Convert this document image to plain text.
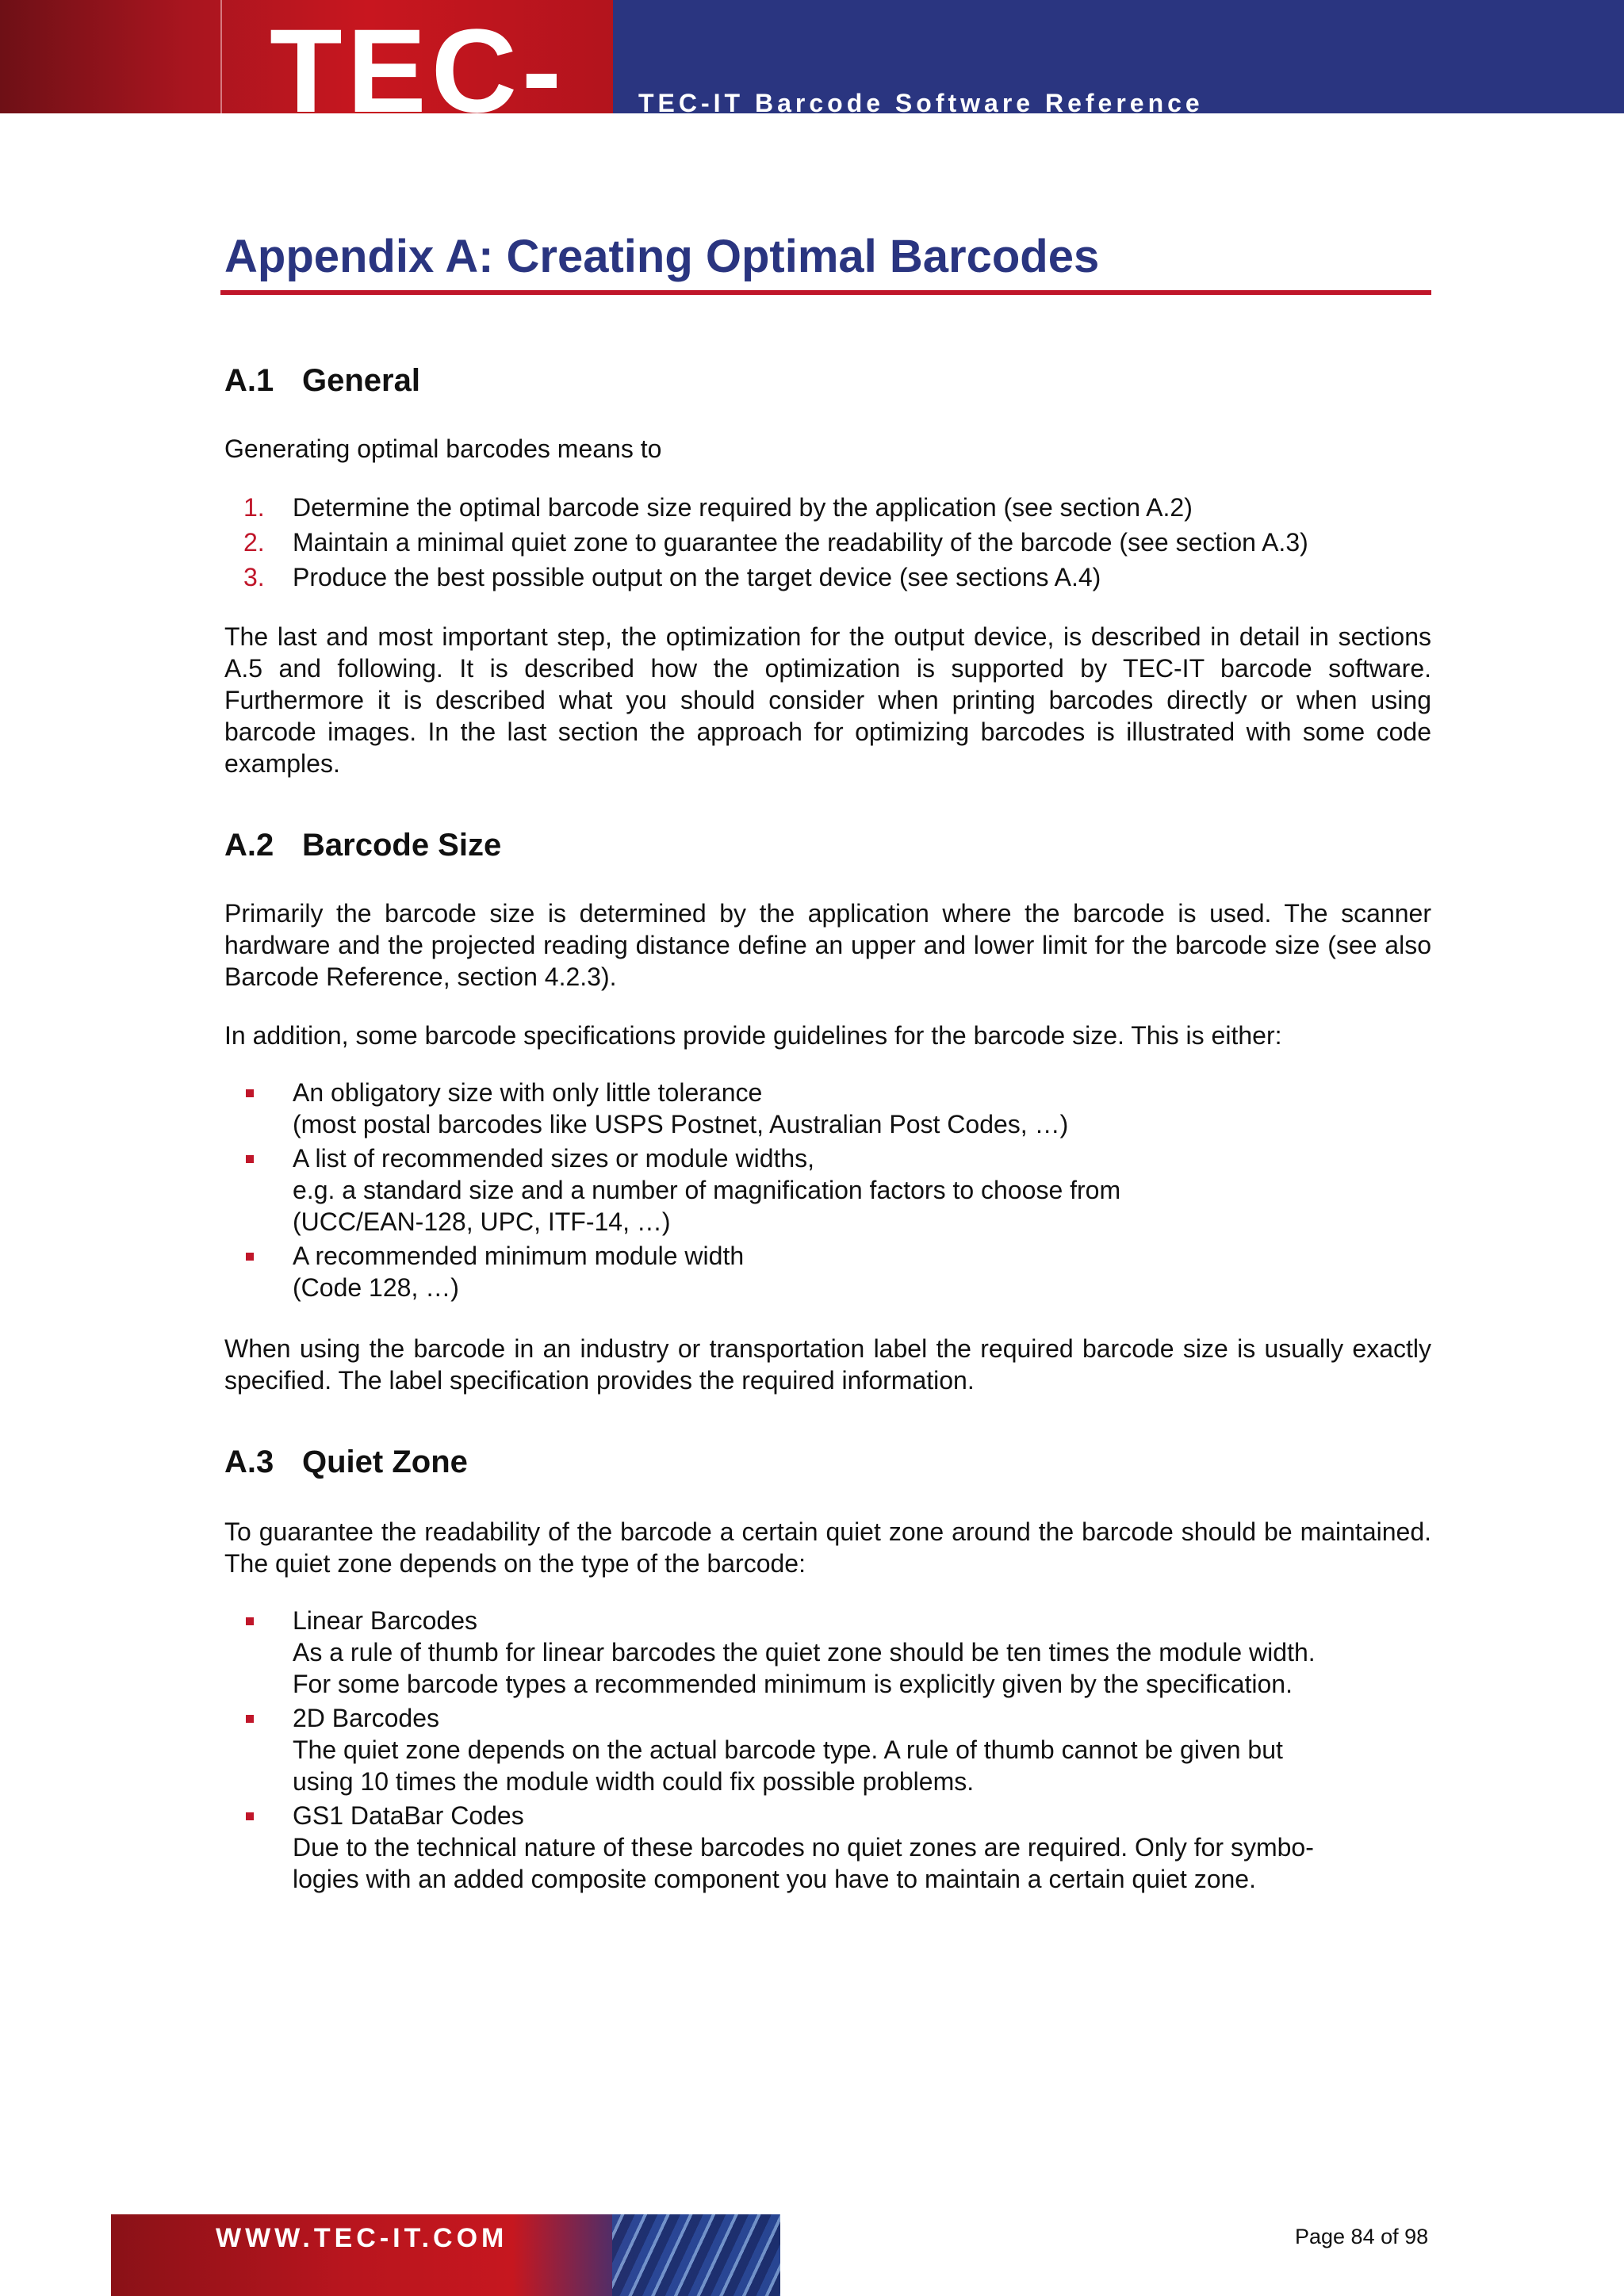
TEC-IT
TEC-IT Barcode Software Reference
Appendix A: Creating Optimal Barcodes
A.1 General

Generating optimal barcodes means to

1. Determine the optimal barcode size required by the application (see section A.2)
2. Maintain a minimal quiet zone to guarantee the readability of the barcode (see section A.3)
3. Produce the best possible output on the target device (see sections A.4)

The last and most important step, the optimization for the output device, is described in detail in sections A.5 and following. It is described how the optimization is supported by TEC-IT barcode software. Furthermore it is described what you should consider when printing barcodes directly or when using barcode images. In the last section the approach for optimizing barcodes is illustrated with some code examples.

A.2 Barcode Size

Primarily the barcode size is determined by the application where the barcode is used. The scanner hardware and the projected reading distance define an upper and lower limit for the barcode size (see also Barcode Reference, section 4.2.3).

In addition, some barcode specifications provide guidelines for the barcode size. This is either:

An obligatory size with only little tolerance
(most postal barcodes like USPS Postnet, Australian Post Codes, …)
A list of recommended sizes or module widths,
e.g. a standard size and a number of magnification factors to choose from
(UCC/EAN-128, UPC, ITF-14, …)
A recommended minimum module width
(Code 128, …)

When using the barcode in an industry or transportation label the required barcode size is usually exactly specified. The label specification provides the required information.

A.3 Quiet Zone

To guarantee the readability of the barcode a certain quiet zone around the barcode should be maintained. The quiet zone depends on the type of the barcode:

Linear Barcodes
As a rule of thumb for linear barcodes the quiet zone should be ten times the module width.
For some barcode types a recommended minimum is explicitly given by the specification.
2D Barcodes
The quiet zone depends on the actual barcode type. A rule of thumb cannot be given but
using 10 times the module width could fix possible problems.
GS1 DataBar Codes
Due to the technical nature of these barcodes no quiet zones are required. Only for symbo-
logies with an added composite component you have to maintain a certain quiet zone.
WWW.TEC-IT.COM	Page 84 of 98
